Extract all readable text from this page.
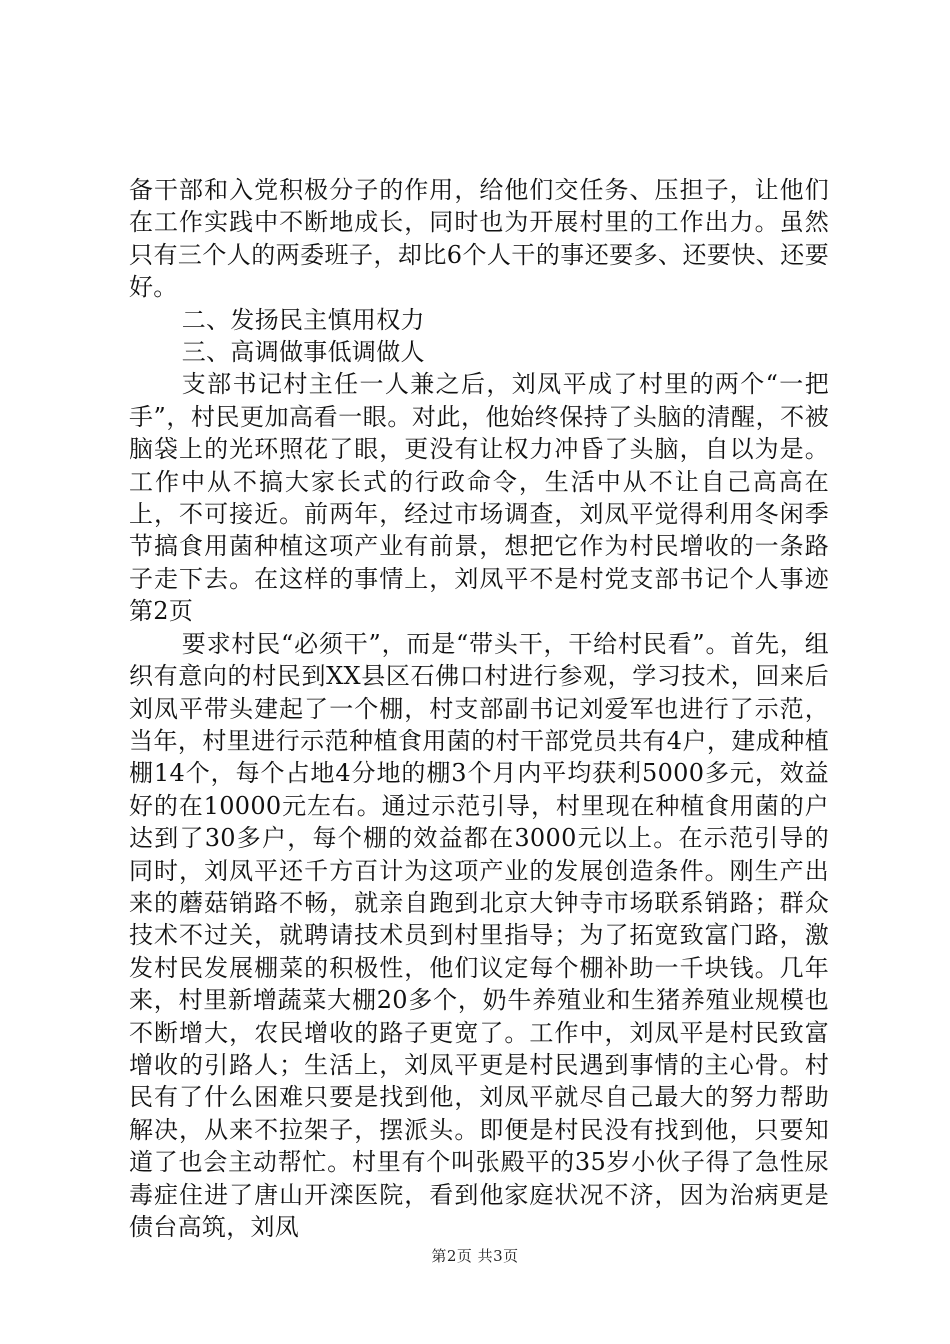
备干部和入党积极分子的作用，给他们交任务、压担子，让他们在工作实践中不断地成长，同时也为开展村里的工作出力。虽然只有三个人的两委班子，却比6个人干的事还要多、还要快、还要好。

二、发扬民主慎用权力

三、高调做事低调做人

支部书记村主任一人兼之后，刘凤平成了村里的两个“一把手”，村民更加高看一眼。对此，他始终保持了头脑的清醒，不被脑袋上的光环照花了眼，更没有让权力冲昏了头脑，自以为是。工作中从不搞大家长式的行政命令，生活中从不让自己高高在上，不可接近。前两年，经过市场调查，刘凤平觉得利用冬闲季节搞食用菌种植这项产业有前景，想把它作为村民增收的一条路子走下去。在这样的事情上，刘凤平不是村党支部书记个人事迹第2页

要求村民“必须干”，而是“带头干，干给村民看”。首先，组织有意向的村民到XX县区石佛口村进行参观，学习技术，回来后刘凤平带头建起了一个棚，村支部副书记刘爱军也进行了示范，当年，村里进行示范种植食用菌的村干部党员共有4户，建成种植棚14个，每个占地4分地的棚3个月内平均获利5000多元，效益好的在10000元左右。通过示范引导，村里现在种植食用菌的户达到了30多户，每个棚的效益都在3000元以上。在示范引导的同时，刘凤平还千方百计为这项产业的发展创造条件。刚生产出来的蘑菇销路不畅，就亲自跑到北京大钟寺市场联系销路；群众技术不过关，就聘请技术员到村里指导；为了拓宽致富门路，激发村民发展棚菜的积极性，他们议定每个棚补助一千块钱。几年来，村里新增蔬菜大棚20多个，奶牛养殖业和生猪养殖业规模也不断增大，农民增收的路子更宽了。工作中，刘凤平是村民致富增收的引路人；生活上，刘凤平更是村民遇到事情的主心骨。村民有了什么困难只要是找到他，刘凤平就尽自己最大的努力帮助解决，从来不拉架子，摆派头。即便是村民没有找到他，只要知道了也会主动帮忙。村里有个叫张殿平的35岁小伙子得了急性尿毒症住进了唐山开滦医院，看到他家庭状况不济，因为治病更是债台高筑，刘凤

第2页 共3页
